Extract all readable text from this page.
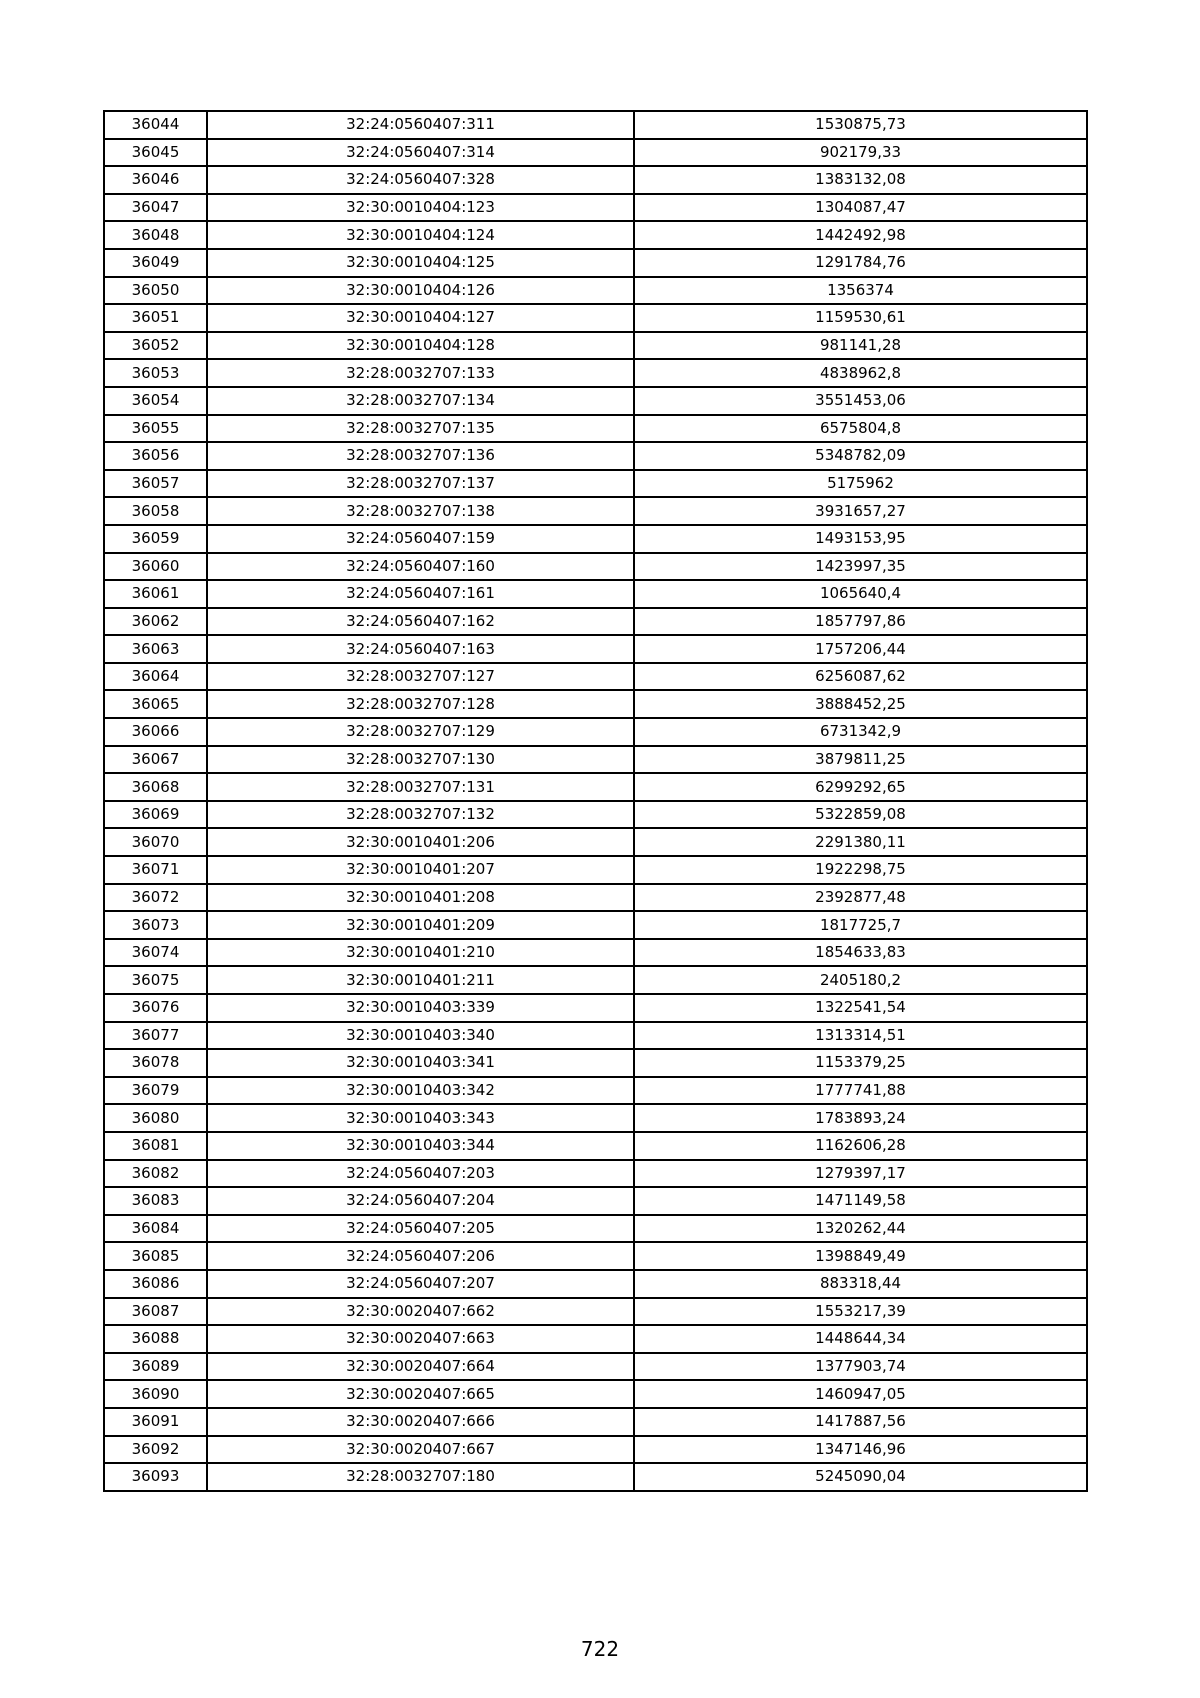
36044	32:24:0560407:311	1530875,73
36045	32:24:0560407:314	902179,33
36046	32:24:0560407:328	1383132,08
36047	32:30:0010404:123	1304087,47
36048	32:30:0010404:124	1442492,98
36049	32:30:0010404:125	1291784,76
36050	32:30:0010404:126	1356374
36051	32:30:0010404:127	1159530,61
36052	32:30:0010404:128	981141,28
36053	32:28:0032707:133	4838962,8
36054	32:28:0032707:134	3551453,06
36055	32:28:0032707:135	6575804,8
36056	32:28:0032707:136	5348782,09
36057	32:28:0032707:137	5175962
36058	32:28:0032707:138	3931657,27
36059	32:24:0560407:159	1493153,95
36060	32:24:0560407:160	1423997,35
36061	32:24:0560407:161	1065640,4
36062	32:24:0560407:162	1857797,86
36063	32:24:0560407:163	1757206,44
36064	32:28:0032707:127	6256087,62
36065	32:28:0032707:128	3888452,25
36066	32:28:0032707:129	6731342,9
36067	32:28:0032707:130	3879811,25
36068	32:28:0032707:131	6299292,65
36069	32:28:0032707:132	5322859,08
36070	32:30:0010401:206	2291380,11
36071	32:30:0010401:207	1922298,75
36072	32:30:0010401:208	2392877,48
36073	32:30:0010401:209	1817725,7
36074	32:30:0010401:210	1854633,83
36075	32:30:0010401:211	2405180,2
36076	32:30:0010403:339	1322541,54
36077	32:30:0010403:340	1313314,51
36078	32:30:0010403:341	1153379,25
36079	32:30:0010403:342	1777741,88
36080	32:30:0010403:343	1783893,24
36081	32:30:0010403:344	1162606,28
36082	32:24:0560407:203	1279397,17
36083	32:24:0560407:204	1471149,58
36084	32:24:0560407:205	1320262,44
36085	32:24:0560407:206	1398849,49
36086	32:24:0560407:207	883318,44
36087	32:30:0020407:662	1553217,39
36088	32:30:0020407:663	1448644,34
36089	32:30:0020407:664	1377903,74
36090	32:30:0020407:665	1460947,05
36091	32:30:0020407:666	1417887,56
36092	32:30:0020407:667	1347146,96
36093	32:28:0032707:180	5245090,04
722
